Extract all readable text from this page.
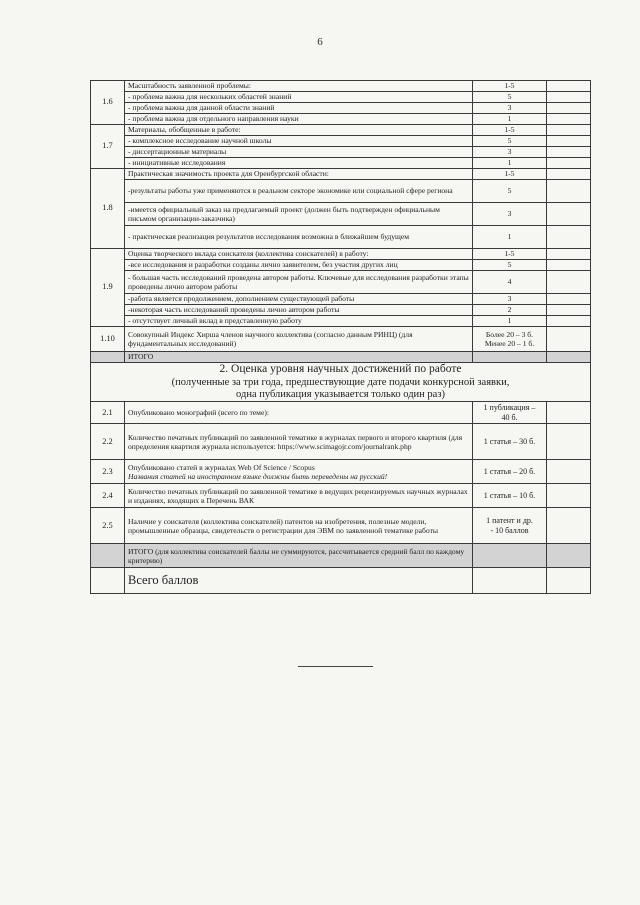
6
1.6	Масштабность заявленной проблемы:	1-5	
	- проблема важна для нескольких областей знаний	5	
	- проблема важна для данной области знаний	3	
	- проблема важна для отдельного направления науки	1	
1.7	Материалы, обобщенные в работе:	1-5	
	- комплексное исследование научной школы	5	
	- диссертационные материалы	3	
	- инициативные исследования	1	
1.8	Практическая значимость проекта для Оренбургской области:	1-5	
	-результаты работы уже применяются в реальном секторе экономике или социальной сфере региона	5	
	-имеется официальный заказ на предлагаемый проект (должен быть подтвержден официальным письмом организации-заказчика)	3	
	- практическая реализация результатов исследования возможна в ближайшем будущем	1	
1.9	Оценка творческого вклада соискателя (коллектива соискателей) в работу:	1-5	
	-все исследования и разработки созданы лично заявителем, без участия других лиц	5	
	- большая часть исследований проведена автором работы. Ключевые для исследования разработки этапы проведены лично автором работы	4	
	-работа является продолжением, дополнением существующей работы	3	
	-некоторая часть исследований проведены лично автором работы	2	
	- отсутствует личный вклад в представленную работу	1	
1.10	Совокупный Индекс Хирша членов научного коллектива (согласно данным РИНЦ) (для фундаментальных исследований)	Более 20 – 3 б.
Менее 20 – 1 б.	

	ИТОГО		

2. Оценка уровня научных достижений по работе
(полученные за три года, предшествующие дате подачи конкурсной заявки,
одна публикация указывается только один раз)			

2.1	Опубликовано монографий (всего по теме):	1 публикация –
40 б.	

2.2	Количество печатных публикаций по заявленной тематике в журналах первого и второго квартиля (для определения квартиля журнала используется: https://www.scimagojr.com/journalrank.php	1 статья – 30 б.	
2.3	Опубликовано статей в журналах Web Of Science / Scopus
Названия статей на иностранном языке должны быть переведены на русский!	1 статья – 20 б.	
2.4	Количество печатных публикаций по заявленной тематике в ведущих рецензируемых научных журналах и изданиях, входящих в Перечень ВАК	1 статья – 10 б.	
2.5	Наличие у соискателя (коллектива соискателей) патентов на изобретения, полезные модели, промышленные образцы, свидетельств о регистрации для ЭВМ по заявленной тематике работы	1 патент и др.
- 10 баллов	

	ИТОГО (для коллектива соискателей баллы не суммируются, рассчитывается средний балл по каждому критерию)		
	Всего баллов		
